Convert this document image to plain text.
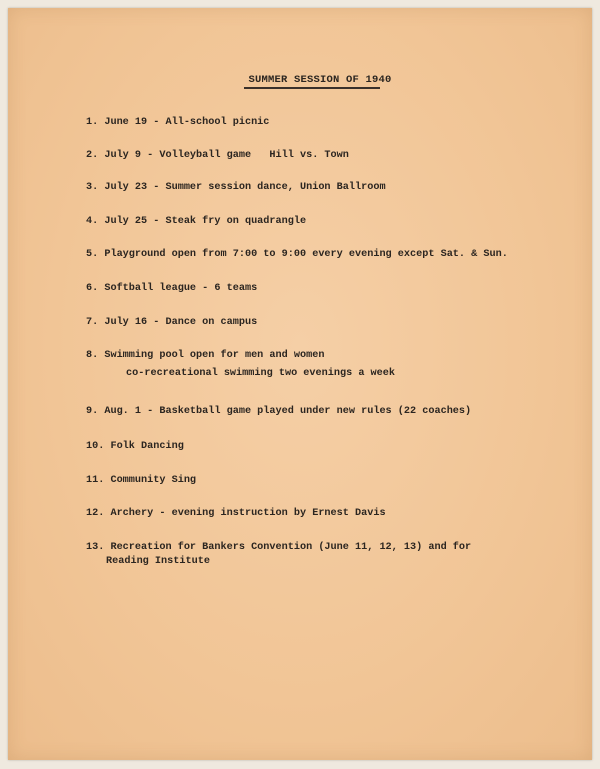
SUMMER SESSION OF 1940
1. June 19 - All-school picnic
2. July 9 - Volleyball game   Hill vs. Town
3. July 23 - Summer session dance, Union Ballroom
4. July 25 - Steak fry on quadrangle
5. Playground open from 7:00 to 9:00 every evening except Sat. & Sun.
6. Softball league - 6 teams
7. July 16 - Dance on campus
8. Swimming pool open for men and women
co-recreational swimming two evenings a week
9. Aug. 1 - Basketball game played under new rules (22 coaches)
10. Folk Dancing
11. Community Sing
12. Archery - evening instruction by Ernest Davis
13. Recreation for Bankers Convention (June 11, 12, 13) and for
Reading Institute
